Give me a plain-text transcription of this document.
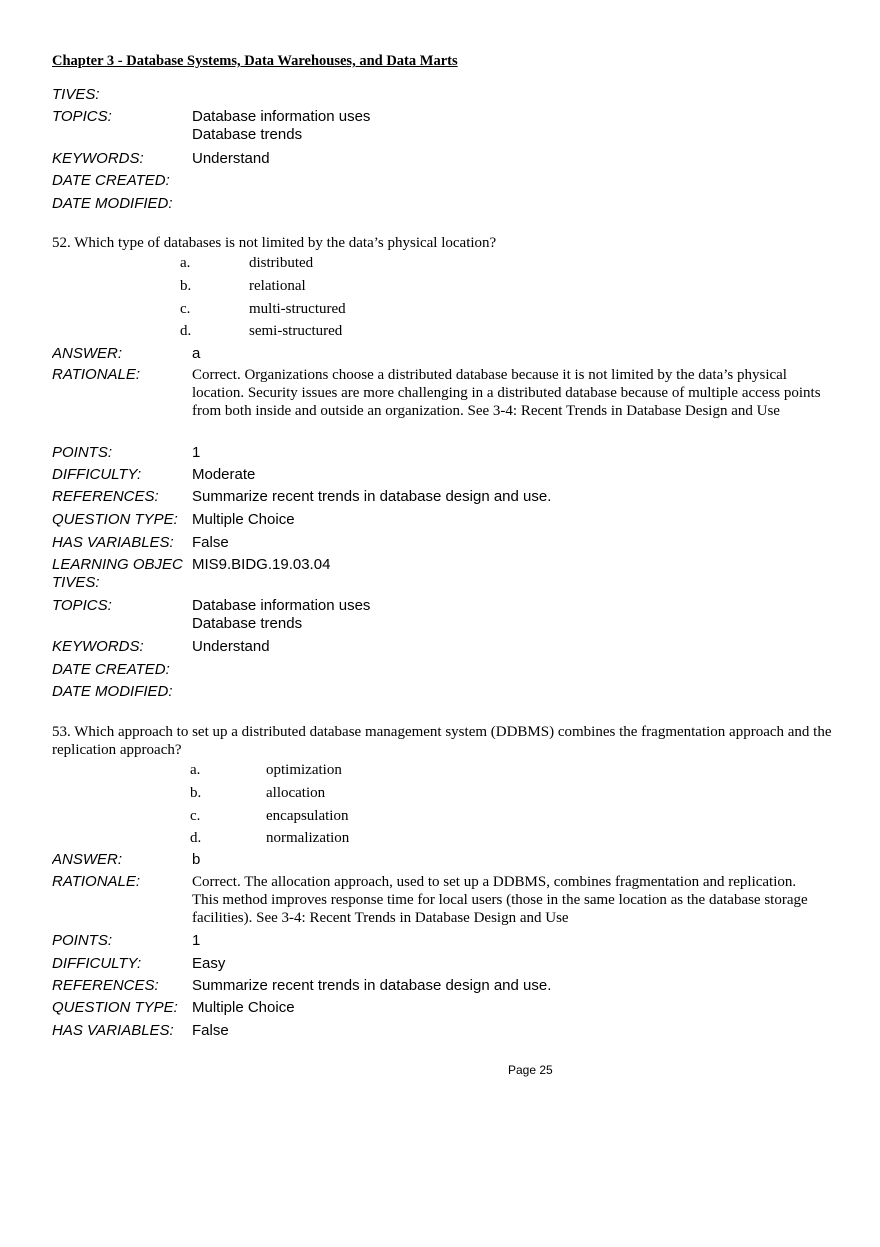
Chapter 3 - Database Systems, Data Warehouses, and Data Marts
TIVES:
TOPICS:	Database information uses
Database trends
KEYWORDS:	Understand
DATE CREATED:
DATE MODIFIED:
52. Which type of databases is not limited by the data’s physical location?
a.	distributed
b.	relational
c.	multi-structured
d.	semi-structured
ANSWER:	a
RATIONALE:	Correct. Organizations choose a distributed database because it is not limited by the data’s physical location. Security issues are more challenging in a distributed database because of multiple access points from both inside and outside an organization. See 3-4: Recent Trends in Database Design and Use
POINTS:	1
DIFFICULTY:	Moderate
REFERENCES:	Summarize recent trends in database design and use.
QUESTION TYPE: Multiple Choice
HAS VARIABLES:	False
LEARNING OBJEC MIS9.BIDG.19.03.04
TIVES:
TOPICS:	Database information uses
Database trends
KEYWORDS:	Understand
DATE CREATED:
DATE MODIFIED:
53. Which approach to set up a distributed database management system (DDBMS) combines the fragmentation approach and the replication approach?
a.	optimization
b.	allocation
c.	encapsulation
d.	normalization
ANSWER:	b
RATIONALE:	Correct. The allocation approach, used to set up a DDBMS, combines fragmentation and replication. This method improves response time for local users (those in the same location as the database storage facilities). See 3-4: Recent Trends in Database Design and Use
POINTS:	1
DIFFICULTY:	Easy
REFERENCES:	Summarize recent trends in database design and use.
QUESTION TYPE: Multiple Choice
HAS VARIABLES:	False
Page 25
